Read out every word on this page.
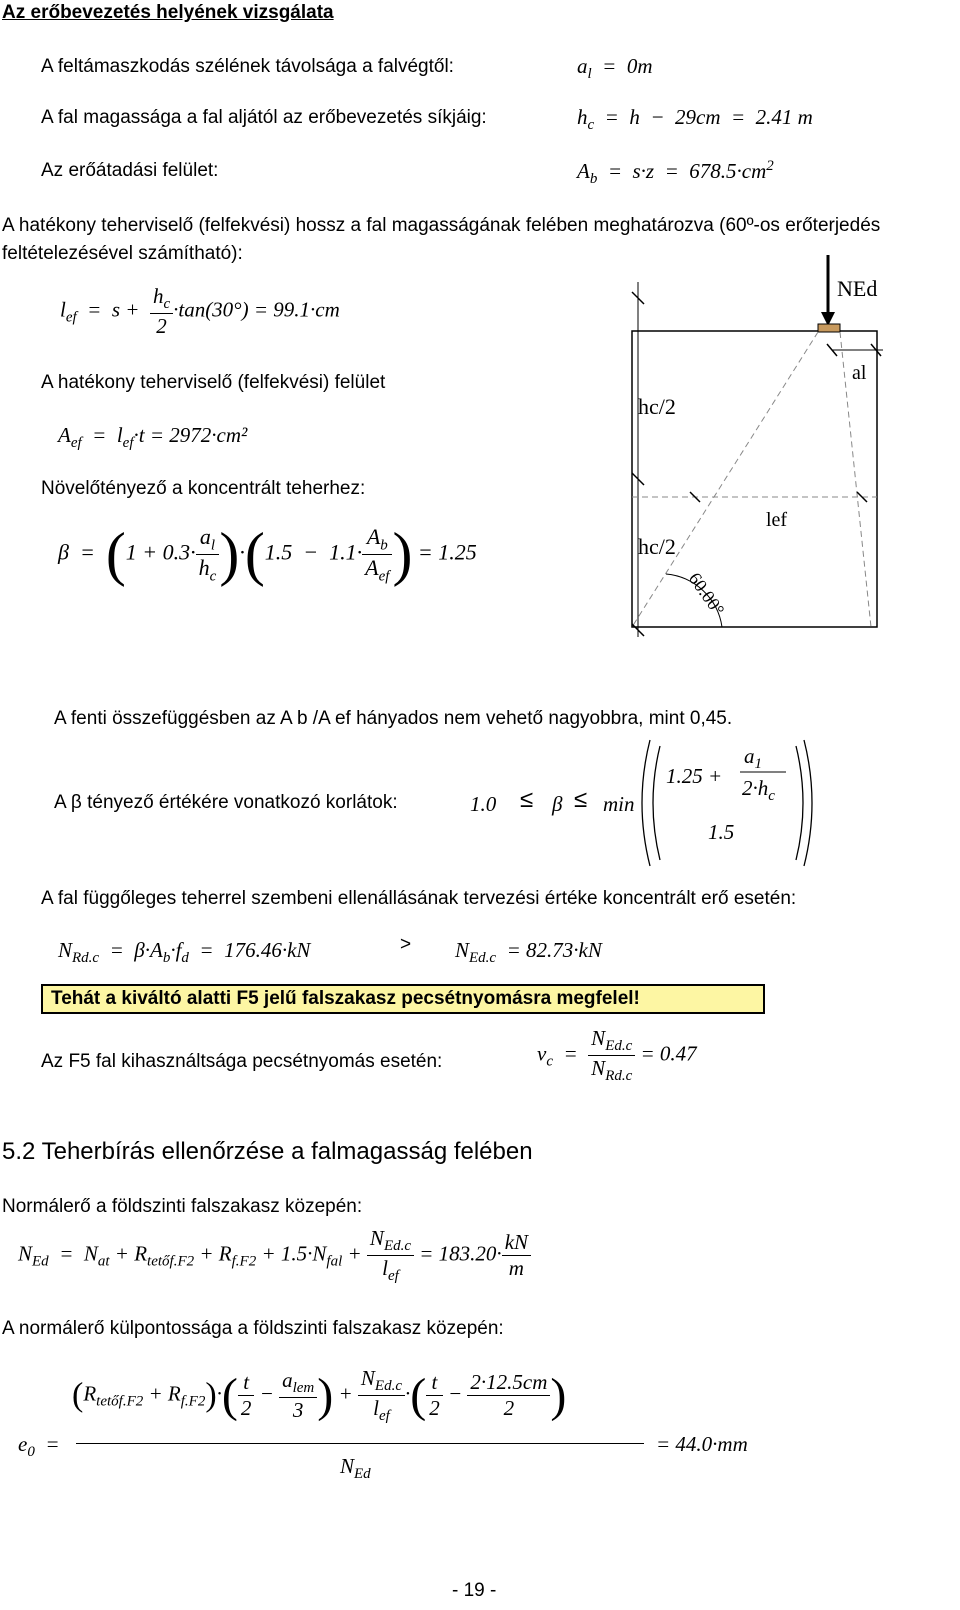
Az erőbevezetés helyének vizsgálata
A feltámaszkodás szélének távolsága a falvégtől:	$a_l = 0m$
A fal magassága a fal aljától az erőbevezetés síkjáig:	$h_c = h - 29cm = 2.41$ m
Az erőátadási felület:	$A_b = s\cdot z = 678.5\cdot cm^2$
A hatékony teherviselő (felfekvési) hossz a fal magasságának felében meghatározva (60º-os erőterjedés feltételezésével számítható):
$l_{ef} = s + \frac{h_c}{2} \cdot\tan(30^\circ) = 99.1\cdot cm$
A hatékony teherviselő (felfekvési) felület
$A_{ef} = l_{ef}\cdot t = 2972\cdot cm^2$
Növelőtényező a koncentrált teherhez:
$\beta = (1 + 0.3\cdot \frac{a_l}{h_c} )\cdot(1.5 - 1.1\cdot \frac{A_b}{A_{ef}}$ ) = 1.25
NEd
al
hc/2
hc/2
lef
60.00°
A fenti összefüggésben az A b /A ef hányados nem vehető nagyobbra, mint 0,45.
A β tényező értékére vonatkozó korlátok:	1.0 ≤ β ≤ min
1.25 +
$a_1$
$2\cdot h_c$
1.5
A fal függőleges teherrel szembeni ellenállásának tervezési értéke koncentrált erő esetén:
$N_{Rd.c} = \beta\cdot A_b\cdot f_d = 176.46\cdot kN$	> $N_{Ed.c} = 82.73\cdot kN$
Tehát a kiváltó alatti F5 jelű falszakasz pecsétnyomásra megfelel!
Az F5 fal kihasználtsága pecsétnyomás esetén:	$\nu_c = \frac{N_{Ed.c}}{N_{Rd.c}} = 0.47$
5.2 Teherbírás ellenőrzése a falmagasság felében
Normálerő a földszinti falszakasz közepén:
$N_{Ed} = N_{at} + R_{tetőf.F2} + R_{f.F2} + 1.5\cdot N_{fal} + \frac{N_{Ed.c}}{l_{ef}} = 183.20\cdot \frac{kN}{m}$
A normálerő külpontossága a földszinti falszakasz közepén:
$e_0$  =
$(R_{tetőf.F2} + R_{f.F2})\cdot( \frac{t}{2} - \frac{a_{lem}}{3}$ ) + $\frac{N_{Ed.c}}{l_{ef}}$ ·( $\frac{t}{2} - \frac{2\cdot 12.5cm}{2}$ )
$N_{Ed}$
= 44.0·mm
- 19 -
